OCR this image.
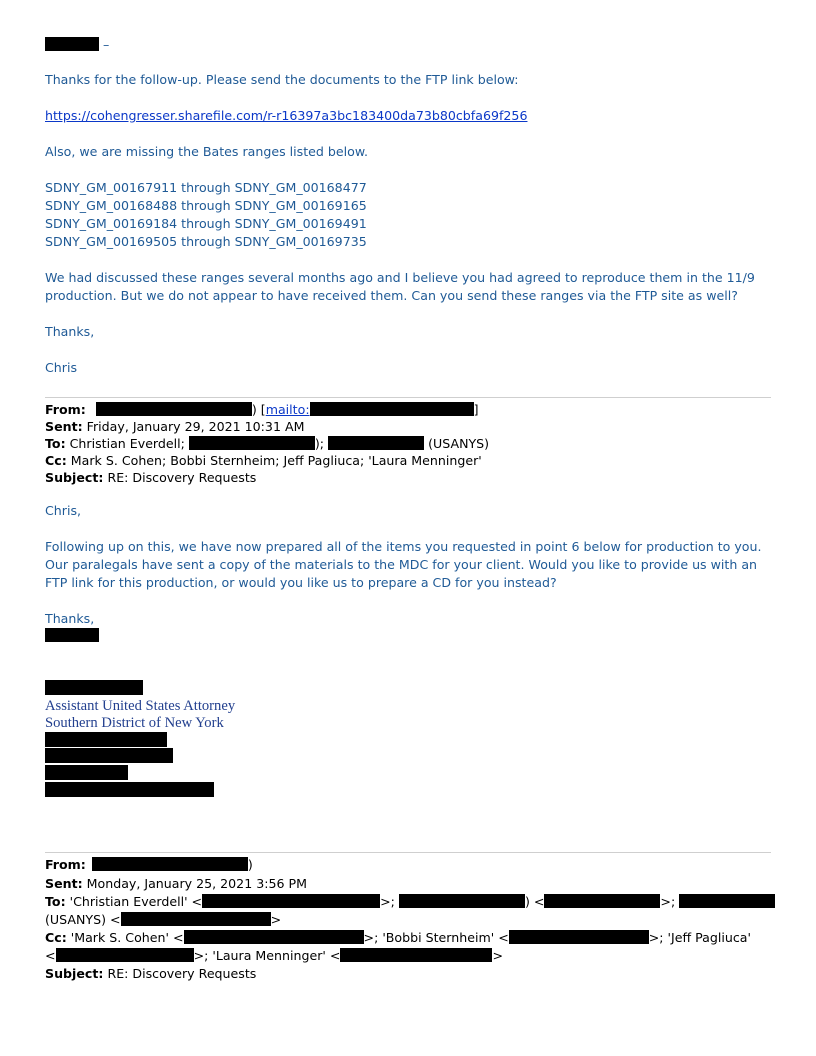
–
Thanks for the follow-up. Please send the documents to the FTP link below:
https://cohengresser.sharefile.com/r-r16397a3bc183400da73b80cbfa69f256
Also, we are missing the Bates ranges listed below.
SDNY_GM_00167911 through SDNY_GM_00168477
SDNY_GM_00168488 through SDNY_GM_00169165
SDNY_GM_00169184 through SDNY_GM_00169491
SDNY_GM_00169505 through SDNY_GM_00169735
We had discussed these ranges several months ago and I believe you had agreed to reproduce them in the 11/9 production. But we do not appear to have received them. Can you send these ranges via the FTP site as well?
Thanks,
Chris
From:	) [mailto:	]
Sent: Friday, January 29, 2021 10:31 AM
To: Christian Everdell;	);	(USANYS)
Cc: Mark S. Cohen; Bobbi Sternheim; Jeff Pagliuca; 'Laura Menninger'
Subject: RE: Discovery Requests
Chris,
Following up on this, we have now prepared all of the items you requested in point 6 below for production to you. Our paralegals have sent a copy of the materials to the MDC for your client. Would you like to provide us with an FTP link for this production, or would you like us to prepare a CD for you instead?
Thanks,
Assistant United States Attorney
Southern District of New York
From:	)
Sent: Monday, January 25, 2021 3:56 PM
To: 'Christian Everdell' <	>;	) <	>;
(USANYS) <	>
Cc: 'Mark S. Cohen' <	>; 'Bobbi Sternheim' <	>; 'Jeff Pagliuca'
<	>; 'Laura Menninger' <	>
Subject: RE: Discovery Requests
